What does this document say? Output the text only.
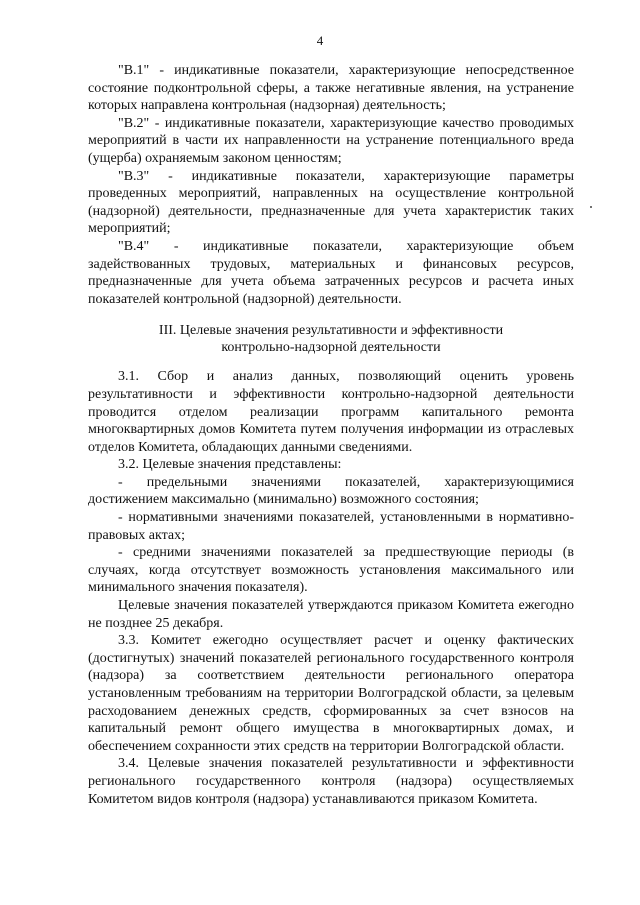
4

"В.1" - индикативные показатели, характеризующие непосредственное состояние подконтрольной сферы, а также негативные явления, на устранение которых направлена контрольная (надзорная) деятельность;

"В.2" - индикативные показатели, характеризующие качество проводимых мероприятий в части их направленности на устранение потенциального вреда (ущерба) охраняемым законом ценностям;

"В.3" - индикативные показатели, характеризующие параметры проведенных мероприятий, направленных на осуществление контрольной (надзорной) деятельности, предназначенные для учета характеристик таких мероприятий;

"В.4" - индикативные показатели, характеризующие объем задействованных трудовых, материальных и финансовых ресурсов, предназначенные для учета объема затраченных ресурсов и расчета иных показателей контрольной (надзорной) деятельности.

III. Целевые значения результативности и эффективности
контрольно-надзорной деятельности

3.1. Сбор и анализ данных, позволяющий оценить уровень результативности и эффективности контрольно-надзорной деятельности проводится отделом реализации программ капитального ремонта многоквартирных домов Комитета путем получения информации из отраслевых отделов Комитета, обладающих данными сведениями.

3.2. Целевые значения представлены:

- предельными значениями показателей, характеризующимися достижением максимально (минимально) возможного состояния;

- нормативными значениями показателей, установленными в нормативно-правовых актах;

- средними значениями показателей за предшествующие периоды (в случаях, когда отсутствует возможность установления максимального или минимального значения показателя).

Целевые значения показателей утверждаются приказом Комитета ежегодно не позднее 25 декабря.

3.3. Комитет ежегодно осуществляет расчет и оценку фактических (достигнутых) значений показателей регионального государственного контроля (надзора) за соответствием деятельности регионального оператора установленным требованиям на территории Волгоградской области, за целевым расходованием денежных средств, сформированных за счет взносов на капитальный ремонт общего имущества в многоквартирных домах, и обеспечением сохранности этих средств на территории Волгоградской области.

3.4. Целевые значения показателей результативности и эффективности регионального государственного контроля (надзора) осуществляемых Комитетом видов контроля (надзора) устанавливаются приказом Комитета.
